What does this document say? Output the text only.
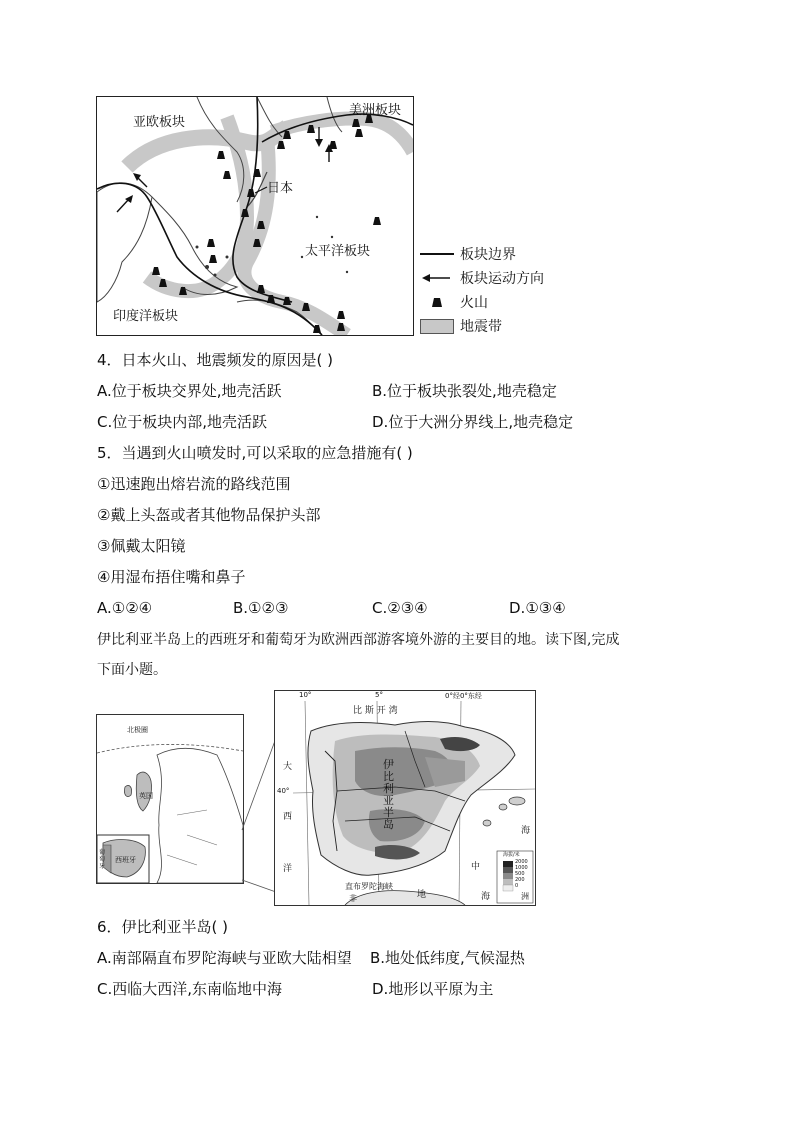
亚欧板块
美洲板块
日本
太平洋板块
印度洋板块
板块边界
板块运动方向
火山
地震带
4．日本火山、地震频发的原因是( )
A.位于板块交界处,地壳活跃	B.位于板块张裂处,地壳稳定
C.位于板块内部,地壳活跃	D.位于大洲分界线上,地壳稳定
5．当遇到火山喷发时,可以采取的应急措施有( )
①迅速跑出熔岩流的路线范围
②戴上头盔或者其他物品保护头部
③佩戴太阳镜
④用湿布捂住嘴和鼻子
A.①②④	B.①②③	C.②③④	D.①③④
伊比利亚半岛上的西班牙和葡萄牙为欧洲西部游客境外游的主要目的地。读下图,完成
下面小题。
北极圈
英国
葡萄牙
西班牙
10°	5°	0°经0°东经
40°
比 斯 开 湾
大
西
洋
伊比利亚半岛
中
地	海
海
直布罗陀海峡
非	洲
海拔/米
2000
1000
500
200
0
6．伊比利亚半岛( )
A.南部隔直布罗陀海峡与亚欧大陆相望 B.地处低纬度,气候湿热
C.西临大西洋,东南临地中海	D.地形以平原为主
